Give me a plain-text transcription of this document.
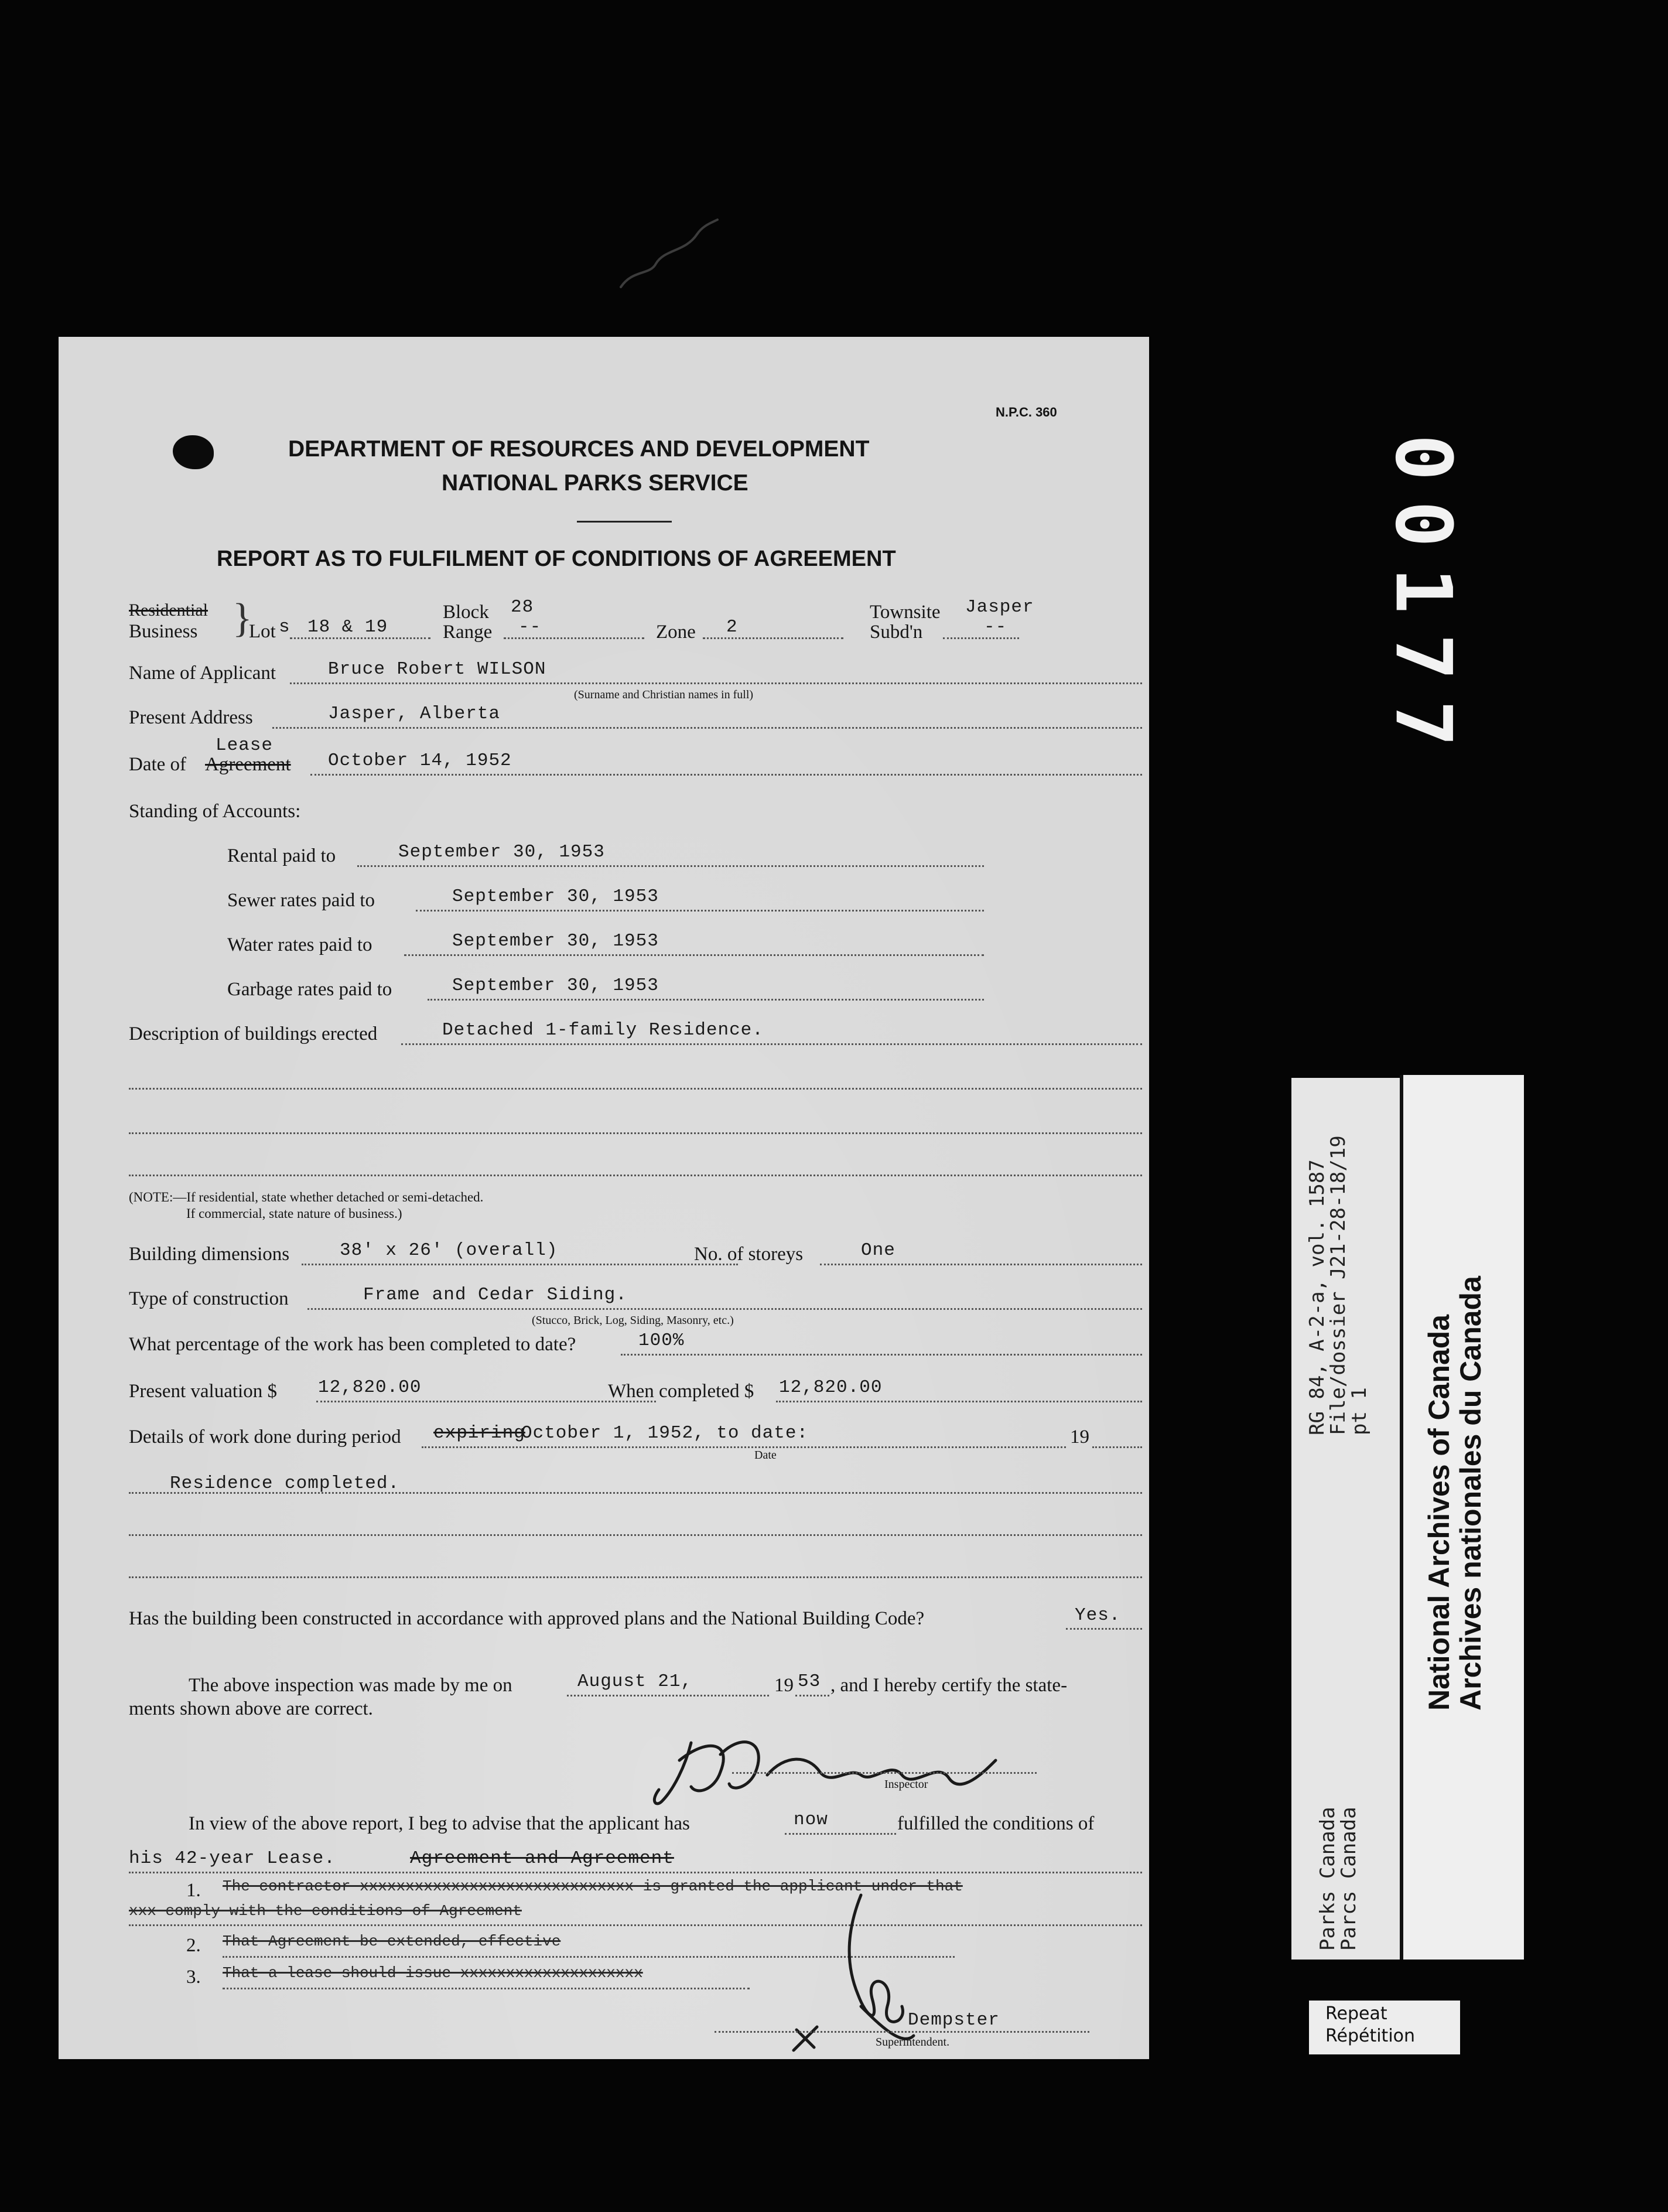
N.P.C. 360
DEPARTMENT OF RESOURCES AND DEVELOPMENT
NATIONAL PARKS SERVICE
REPORT AS TO FULFILMENT OF CONDITIONS OF AGREEMENT
Residential
Business }
Lot s 18 & 19
Block 28
Range --	Zone 2
Townsite Jasper
Subd'n	--
Name of Applicant	Bruce Robert WILSON
(Surname and Christian names in full)
Present Address	Jasper, Alberta
Lease
Date of Agreement October 14, 1952
Standing of Accounts:
Rental paid to	September 30, 1953
Sewer rates paid to	September 30, 1953
Water rates paid to	September 30, 1953
Garbage rates paid to	September 30, 1953
Description of buildings erected	Detached 1-family Residence.
(NOTE:—If residential, state whether detached or semi-detached.
If commercial, state nature of business.)
Building dimensions	38' x 26' (overall)	No. of storeys	One
Type of construction	Frame and Cedar Siding.
(Stucco, Brick, Log, Siding, Masonry, etc.)
What percentage of the work has been completed to date?	100%
Present valuation $ 12,820.00	When completed $ 12,820.00
Details of work done during period expiring
October 1, 1952, to date:	19
Date
Residence completed.
Has the building been constructed in accordance with approved plans and the National Building Code?	Yes.
The above inspection was made by me on	August 21,	19 53 , and I hereby certify the state-
ments shown above are correct.
Inspector
In view of the above report, I beg to advise that the applicant has	now	fulfilled the conditions of
his 42-year Lease.	Agreement and Agreement
1. The contractor xxxxxxxxxxxxxxxxxxxxxxxxxxxxxx is granted the applicant under that
xxx comply with the conditions of Agreement
2. That Agreement be extended, effective
3. That a lease should issue xxxxxxxxxxxxxxxxxxxx
Dempster
Superintendent.
00177
RG 84, A-2-a, vol. 1587
File/dossier J21-28-18/19
pt 1
Parks Canada
Parcs Canada
National Archives of Canada
Archives nationales du Canada
Repeat
Répétition
